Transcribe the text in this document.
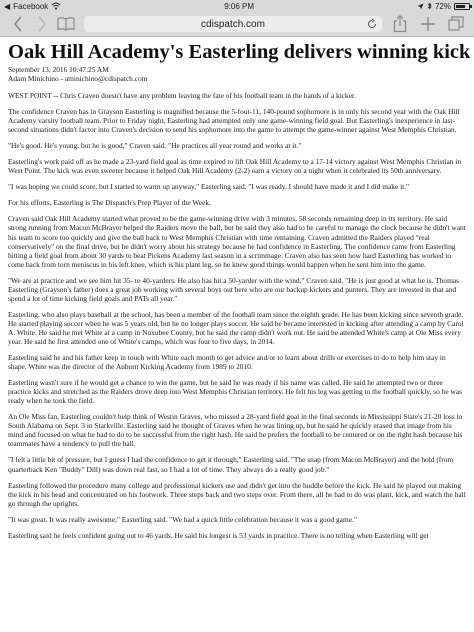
◀ Facebook	9:06 PM	72%
cdispatch.com
Oak Hill Academy's Easterling delivers winning kick
September 13, 2016 10:47:25 AM
Adam Minichino - aminichino@cdispatch.com

WEST POINT -- Chris Craven doesn't have any problem leaving the fate of his football team in the hands of a kicker.

The confidence Craven has in Grayson Easterling is magnified because the 5-foot-11, 140-pound sophomore is in only his second year with the Oak Hill Academy varsity football team. Prior to Friday night, Easterling had attempted only one game-winning field goal. But Easterling's inexperience in last-second situations didn't factor into Craven's decision to send his sophomore into the game to attempt the game-winner against West Memphis Christian.

"He's good. He's young, but he is good," Craven said. "He practices all year round and works at it."

Easterling's work paid off as he made a 23-yard field goal as time expired to lift Oak Hill Academy to a 17-14 victory against West Memphis Christian in West Point. The kick was even sweeter because it helped Oak Hill Academy (2-2) earn a victory on a night when it celebrated its 50th anniversary.

"I was hoping we could score, but I started to warm up anyway," Easterling said. "I was ready. I should have made it and I did make it."

For his efforts, Easterling is The Dispatch's Prep Player of the Week.

Craven said Oak Hill Academy started what proved to be the game-winning drive with 3 minutes, 58 seconds remaining deep in its territory. He said strong running from Macon McBrayer helped the Raiders move the ball, but he said they also had to be careful to manage the clock because he didn't want his team to score too quickly and give the ball back to West Memphis Christian with time remaining. Craven admitted the Raiders played "real conservatively" on the final drive, but he didn't worry about his strategy because he had confidence in Easterling. The confidence came from Easterling hitting a field goal from about 30 yards to beat Pickens Academy last season in a scrimmage. Craven also has seen how hard Easterling has worked to come back from torn meniscus in his left knee, which is his plant leg, so he knew good things would happen when he sent him into the game.

"We are at practice and we see him hit 35- to 40-yarders. He also has hit a 50-yarder with the wind," Craven said. "He is just good at what he is. Thomas Easterling (Grayson's father) does a great job working with several boys out here who are our backup kickers and punters. They are invested in that and spend a lot of time kicking field goals and PATs all year."

Easterling, who also plays baseball at the school, has been a member of the football team since the eighth grade. He has been kicking since seventh grade. He started playing soccer when he was 5 years old, but he no longer plays soccer. He said he became interested in kicking after attending a camp by Carol A. White. He said he met White at a camp in Noxubee County, but he said the camp didn't work out. He said he attended White's camp at Ole Miss every year. He said he first attended one of White's camps, which was four to five days, in 2014.

Easterling said he and his father keep in touch with White each month to get advice and/or to learn about drills or exercises to do to help him stay in shape. White was the director of the Auburn Kicking Academy from 1989 to 2010.

Easterling wasn't sure if he would get a chance to win the game, but he said he was ready if his name was called. He said he attempted two or three practice kicks and stretched as the Raiders drove deep into West Memphis Christian territory. He felt his leg was getting to the football quickly, so he was ready when he took the field.

An Ole Miss fan, Easterling couldn't help think of Westin Graves, who missed a 28-yard field goal in the final seconds in Mississippi State's 21-20 loss to South Alabama on Sept. 3 in Starkville. Easterling said he thought of Graves when he was lining up, but he said he quickly erased that image from his mind and focused on what he had to do to be successful from the right hash. He said he prefers the football to be centered or on the right hash because his teammates have a tendency to pull the ball.

"I felt a little bit of pressure, but I guess I had the confidence to get it through," Easterling said. "The snap (from Macon McBrayer) and the hold (from quarterback Ken "Buddy" Dill) was down real fast, so I had a lot of time. They always do a really good job."

Easterling followed the procedure many college and professional kickers use and didn't get into the huddle before the kick. He said he played out making the kick in his head and concentrated on his footwork. Three steps back and two steps over. From there, all he had to do was plant, kick, and watch the ball go through the uprights.

"It was great. It was really awesome," Easterling said. "We had a quick little celebration because it was a good game."

Easterling said he feels confident going out to 46 yards. He said his longest is 53 yards in practice. There is no telling when Easterling will get
